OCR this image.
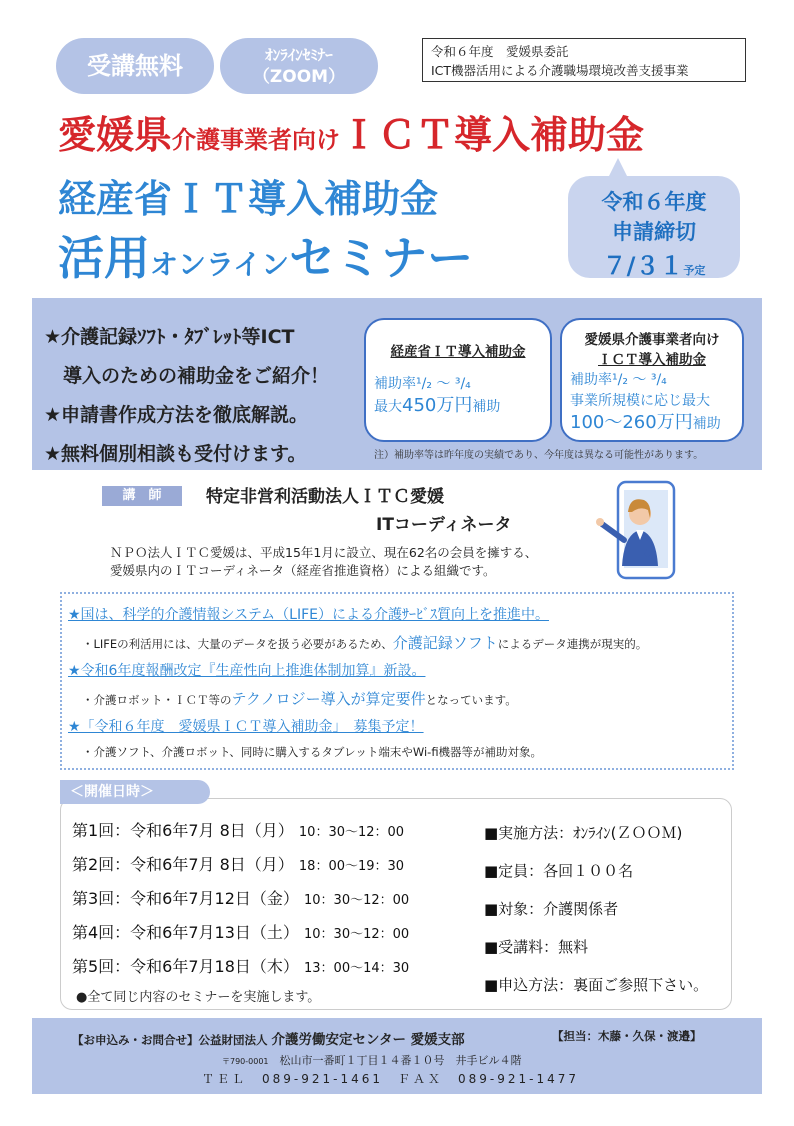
受講無料	ｵﾝﾗｲﾝｾﾐﾅｰ
（ZOOM）
令和６年度　愛媛県委託
ICT機器活用による介護職場環境改善支援事業
愛媛県介護事業者向けＩＣＴ導入補助金
経産省ＩＴ導入補助金
活用オンラインセミナー
令和６年度
申請締切
７/３１予定
★介護記録ｿﾌﾄ・ﾀﾌﾞﾚｯﾄ等ICT
　導入のための補助金をご紹介！
★申請書作成方法を徹底解説。
★無料個別相談も受付けます。
経産省ＩＴ導入補助金
補助率¹/₂ ～ ³/₄
最大450万円補助
愛媛県介護事業者向け
ＩＣＴ導入補助金
補助率¹/₂ ～ ³/₄
事業所規模に応じ最大
100～260万円補助
注）補助率等は昨年度の実績であり、今年度は異なる可能性があります。
講　師	特定非営利活動法人ＩＴＣ愛媛
ITコーディネータ
ＮＰＯ法人ＩＴＣ愛媛は、平成15年1月に設立、現在62名の会員を擁する、
愛媛県内のＩＴコーディネータ（経産省推進資格）による組織です。
★国は、科学的介護情報システム（LIFE）による介護ｻｰﾋﾞｽ質向上を推進中。
・LIFEの利活用には、大量のデータを扱う必要があるため、介護記録ソフトによるデータ連携が現実的。
★令和6年度報酬改定『生産性向上推進体制加算』新設。
・介護ロボット・ＩＣＴ等のテクノロジー導入が算定要件となっています。
★「令和６年度　愛媛県ＩＣＴ導入補助金」　募集予定！
・介護ソフト、介護ロボット、同時に購入するタブレット端末やWi-fi機器等が補助対象。
＜開催日時＞
第1回：令和6年7月 8日（月） 10：30～12：00
第2回：令和6年7月 8日（月） 18：00～19：30
第3回：令和6年7月12日（金） 10：30～12：00
第4回：令和6年7月13日（土） 10：30～12：00
第5回：令和6年7月18日（木） 13：00～14：30
●全て同じ内容のセミナーを実施します。
■実施方法：ｵﾝﾗｲﾝ(ＺＯＯＭ)
■定員：各回１００名
■対象：介護関係者
■受講料：無料
■申込方法：裏面ご参照下さい。
【お申込み・お問合せ】公益財団法人 介護労働安定センター 愛媛支部	【担当：木藤・久保・渡邉】
〒790-0001　 松山市一番町１丁目１４番１０号　井手ビル４階
ＴＥＬ　089-921-1461　ＦＡＸ　089-921-1477
